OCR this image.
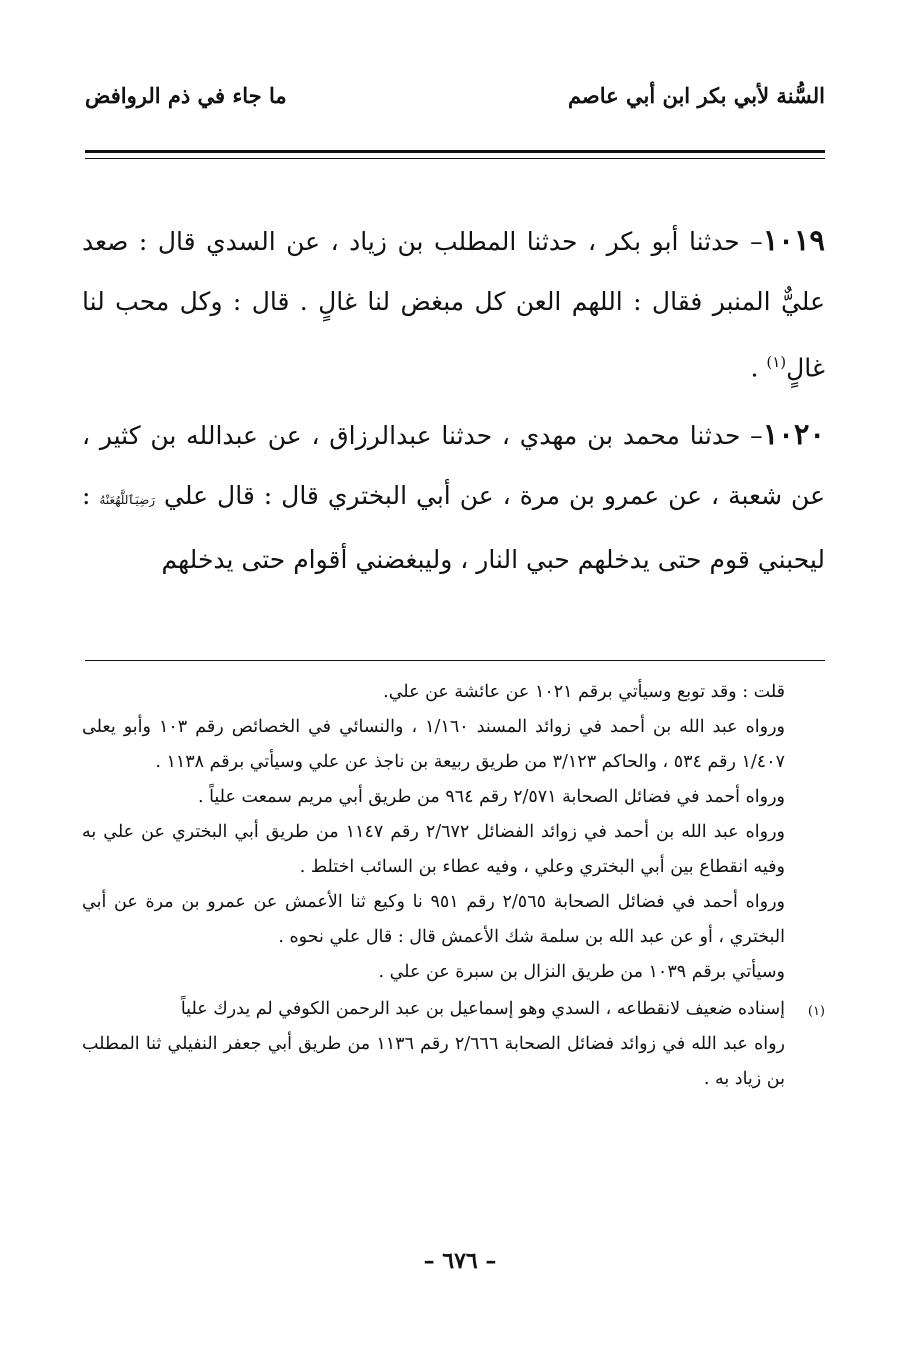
السُّنة لأبي بكر ابن أبي عاصم
ما جاء في ذم الروافض

١٠١٩– حدثنا أبو بكر ، حدثنا المطلب بن زياد ، عن السدي قال : صعد عليٌّ المنبر فقال : اللهم العن كل مبغض لنا غالٍ . قال : وكل محب لنا غالٍ$^{(١)}$ .

١٠٢٠– حدثنا محمد بن مهدي ، حدثنا عبدالرزاق ، عن عبدالله بن كثير ، عن شعبة ، عن عمرو بن مرة ، عن أبي البختري قال : قال علي رَضِيَٱللَّهُعَنْهُ : ليحبني قوم حتى يدخلهم حبي النار ، وليبغضني أقوام حتى يدخلهم

قلت : وقد توبع وسيأتي برقم ١٠٢١ عن عائشة عن علي.

ورواه عبد الله بن أحمد في زوائد المسند ١/١٦٠ ، والنسائي في الخصائص رقم ١٠٣ وأبو يعلى ١/٤٠٧ رقم ٥٣٤ ، والحاكم ٣/١٢٣ من طريق ربيعة بن ناجذ عن علي وسيأتي برقم ١١٣٨ .

ورواه أحمد في فضائل الصحابة ٢/٥٧١ رقم ٩٦٤ من طريق أبي مريم سمعت علياً .

ورواه عبد الله بن أحمد في زوائد الفضائل ٢/٦٧٢ رقم ١١٤٧ من طريق أبي البختري عن علي به وفيه انقطاع بين أبي البختري وعلي ، وفيه عطاء بن السائب اختلط .

ورواه أحمد في فضائل الصحابة ٢/٥٦٥ رقم ٩٥١ نا وكيع ثنا الأعمش عن عمرو بن مرة عن أبي البختري ، أو عن عبد الله بن سلمة شك الأعمش قال : قال علي نحوه .

وسيأتي برقم ١٠٣٩ من طريق النزال بن سبرة عن علي .

(١)

إسناده ضعيف لانقطاعه ، السدي وهو إسماعيل بن عبد الرحمن الكوفي لم يدرك علياً

رواه عبد الله في زوائد فضائل الصحابة ٢/٦٦٦ رقم ١١٣٦ من طريق أبي جعفر النفيلي ثنا المطلب بن زياد به .

– ٦٧٦ –
